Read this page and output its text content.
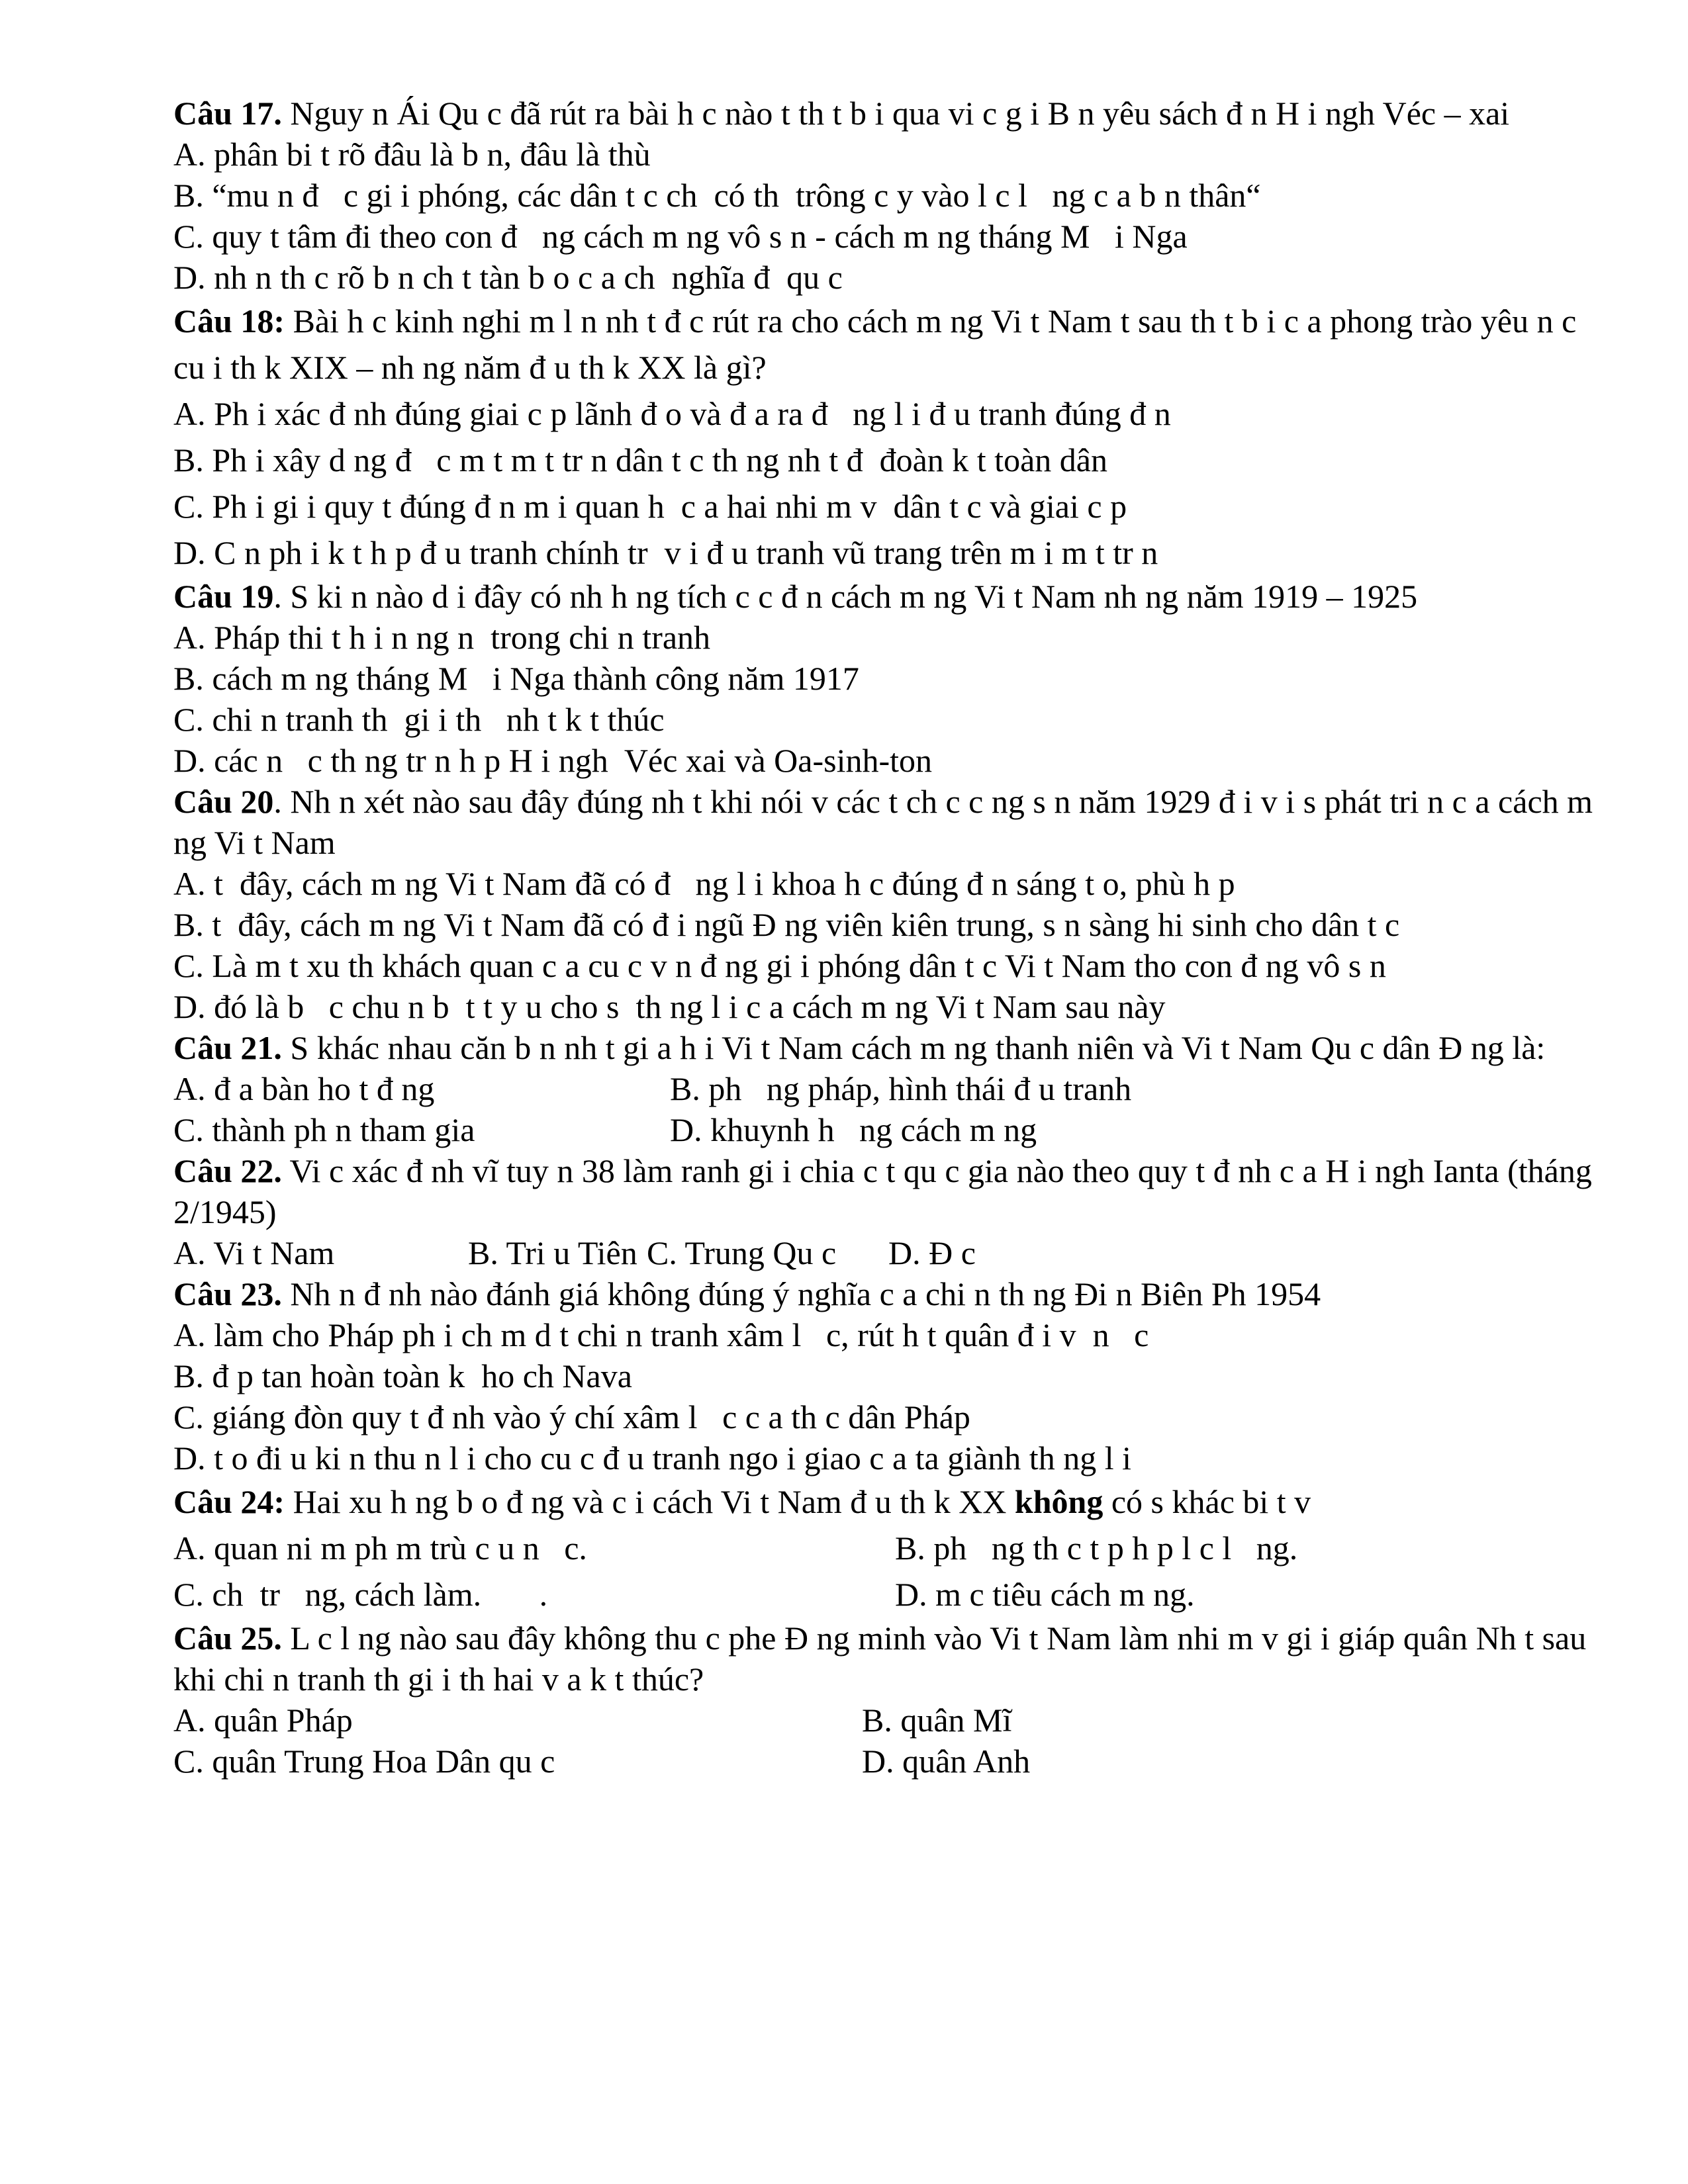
Câu 17. Nguy n Ái Qu c đã rút ra bài h c nào t th t b i qua vi c g i B n yêu sách đ n H i ngh Véc – xai

A. phân bi t rõ đâu là b n, đâu là thù

B. “mu n đ   c gi i phóng, các dân t c ch  có th  trông c y vào l c l   ng c a b n thân“

C. quy t tâm đi theo con đ   ng cách m ng vô s n - cách m ng tháng M   i Nga

D. nh n th c rõ b n ch t tàn b o c a ch  nghĩa đ  qu c

Câu 18: Bài h c kinh nghi m l n nh t đ c rút ra cho cách m ng Vi t Nam t sau th t b i c a phong trào yêu n c cu i th k XIX – nh ng năm đ u th k XX là gì?

A. Ph i xác đ nh đúng giai c p lãnh đ o và đ a ra đ   ng l i đ u tranh đúng đ n

B. Ph i xây d ng đ   c m t m t tr n dân t c th ng nh t đ  đoàn k t toàn dân

C. Ph i gi i quy t đúng đ n m i quan h  c a hai nhi m v  dân t c và giai c p

D. C n ph i k t h p đ u tranh chính tr  v i đ u tranh vũ trang trên m i m t tr n

Câu 19. S ki n nào d i đây có nh h ng tích c c đ n cách m ng Vi t Nam nh ng năm 1919 – 1925

A. Pháp thi t h i n ng n  trong chi n tranh

B. cách m ng tháng M   i Nga thành công năm 1917

C. chi n tranh th  gi i th   nh t k t thúc

D. các n   c th ng tr n h p H i ngh  Véc xai và Oa-sinh-ton

Câu 20. Nh n xét nào sau đây đúng nh t khi nói v các t ch c c ng s n năm 1929 đ i v i s phát tri n c a cách m ng Vi t Nam

A. t  đây, cách m ng Vi t Nam đã có đ   ng l i khoa h c đúng đ n sáng t o, phù h p

B. t  đây, cách m ng Vi t Nam đã có đ i ngũ Đ ng viên kiên trung, s n sàng hi sinh cho dân t c

C. Là m t xu th khách quan c a cu c v n đ ng gi i phóng dân t c Vi t Nam tho con đ ng vô s n

D. đó là b   c chu n b  t t y u cho s  th ng l i c a cách m ng Vi t Nam sau này

Câu 21. S khác nhau căn b n nh t gi a h i Vi t Nam cách m ng thanh niên và Vi t Nam Qu c dân Đ ng là:

A. đ a bàn ho t đ ng	B. ph   ng pháp, hình thái đ u tranh

C. thành ph n tham gia	D. khuynh h   ng cách m ng

Câu 22. Vi c xác đ nh vĩ tuy n 38 làm ranh gi i chia c t qu c gia nào theo quy t đ nh c a H i ngh Ianta (tháng 2/1945)

A. Vi t Nam	B. Tri u Tiên C. Trung Qu c	D. Đ c

Câu 23. Nh n đ nh nào đánh giá không đúng ý nghĩa c a chi n th ng Đi n Biên Ph 1954

A. làm cho Pháp ph i ch m d t chi n tranh xâm l   c, rút h t quân đ i v  n   c

B. đ p tan hoàn toàn k  ho ch Nava

C. giáng đòn quy t đ nh vào ý chí xâm l   c c a th c dân Pháp

D. t o đi u ki n thu n l i cho cu c đ u tranh ngo i giao c a ta giành th ng l i

Câu 24: Hai xu h ng b o đ ng và c i cách Vi t Nam đ u th k XX không có s khác bi t v

A. quan ni m ph m trù c u n   c.	B. ph   ng th c t p h p l c l   ng.

C. ch  tr   ng, cách làm.       .	D. m c tiêu cách m ng.

Câu 25. L c l ng nào sau đây không thu c phe Đ ng minh vào Vi t Nam làm nhi m v gi i giáp quân Nh t sau khi chi n tranh th gi i th hai v a k t thúc?

A. quân Pháp	B. quân Mĩ

C. quân Trung Hoa Dân qu c	D. quân Anh
